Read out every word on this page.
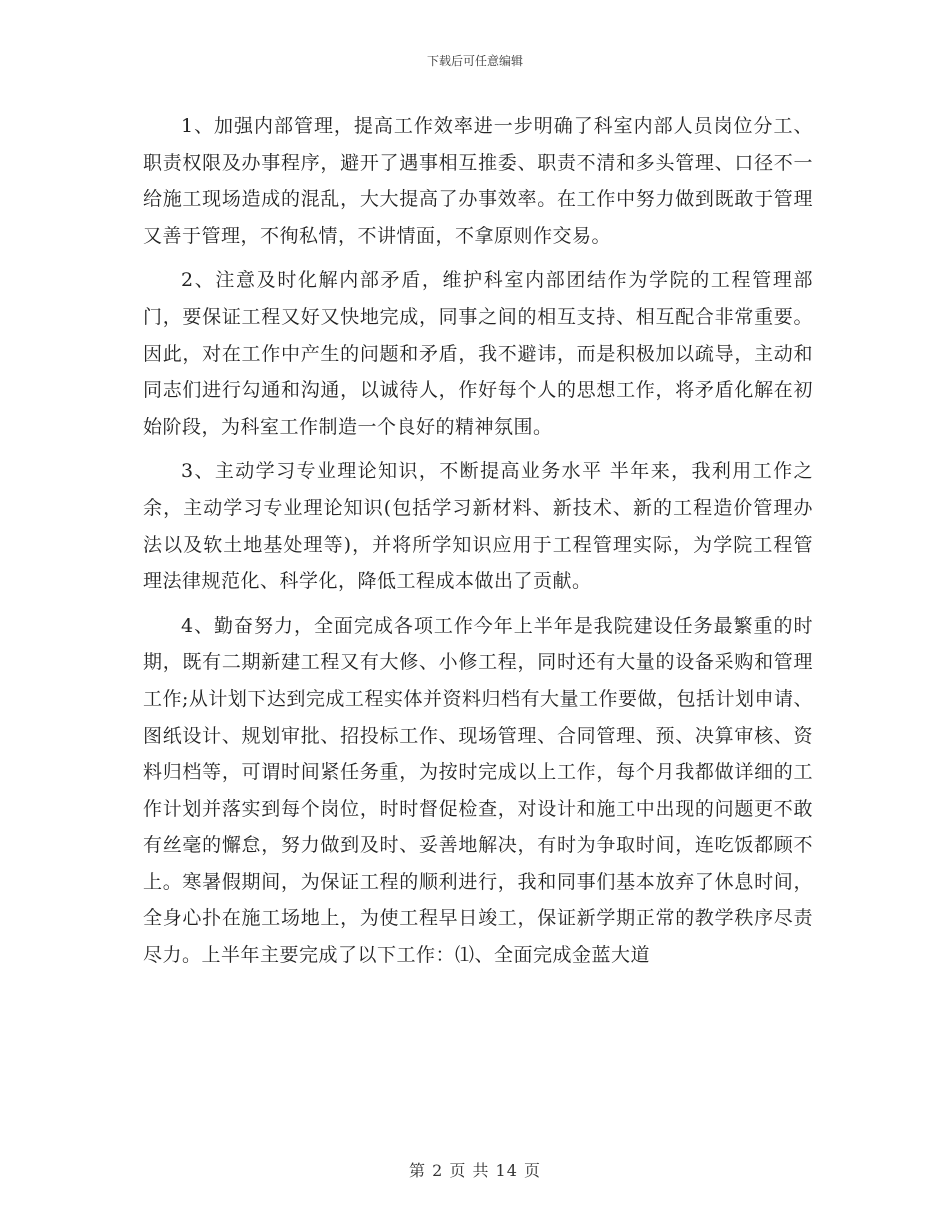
下载后可任意编辑

1、加强内部管理，提高工作效率进一步明确了科室内部人员岗位分工、职责权限及办事程序，避开了遇事相互推委、职责不清和多头管理、口径不一给施工现场造成的混乱，大大提高了办事效率。在工作中努力做到既敢于管理又善于管理，不徇私情，不讲情面，不拿原则作交易。

2、注意及时化解内部矛盾，维护科室内部团结作为学院的工程管理部门，要保证工程又好又快地完成，同事之间的相互支持、相互配合非常重要。因此，对在工作中产生的问题和矛盾，我不避讳，而是积极加以疏导，主动和同志们进行勾通和沟通，以诚待人，作好每个人的思想工作，将矛盾化解在初始阶段，为科室工作制造一个良好的精神氛围。

3、主动学习专业理论知识，不断提高业务水平 半年来，我利用工作之余，主动学习专业理论知识(包括学习新材料、新技术、新的工程造价管理办法以及软土地基处理等)，并将所学知识应用于工程管理实际，为学院工程管理法律规范化、科学化，降低工程成本做出了贡献。

4、勤奋努力，全面完成各项工作今年上半年是我院建设任务最繁重的时期，既有二期新建工程又有大修、小修工程，同时还有大量的设备采购和管理工作;从计划下达到完成工程实体并资料归档有大量工作要做，包括计划申请、图纸设计、规划审批、招投标工作、现场管理、合同管理、预、决算审核、资料归档等，可谓时间紧任务重，为按时完成以上工作，每个月我都做详细的工作计划并落实到每个岗位，时时督促检查，对设计和施工中出现的问题更不敢有丝毫的懈怠，努力做到及时、妥善地解决，有时为争取时间，连吃饭都顾不上。寒暑假期间，为保证工程的顺利进行，我和同事们基本放弃了休息时间，全身心扑在施工场地上，为使工程早日竣工，保证新学期正常的教学秩序尽责尽力。上半年主要完成了以下工作：⑴、全面完成金蓝大道

第 2 页 共 14 页
